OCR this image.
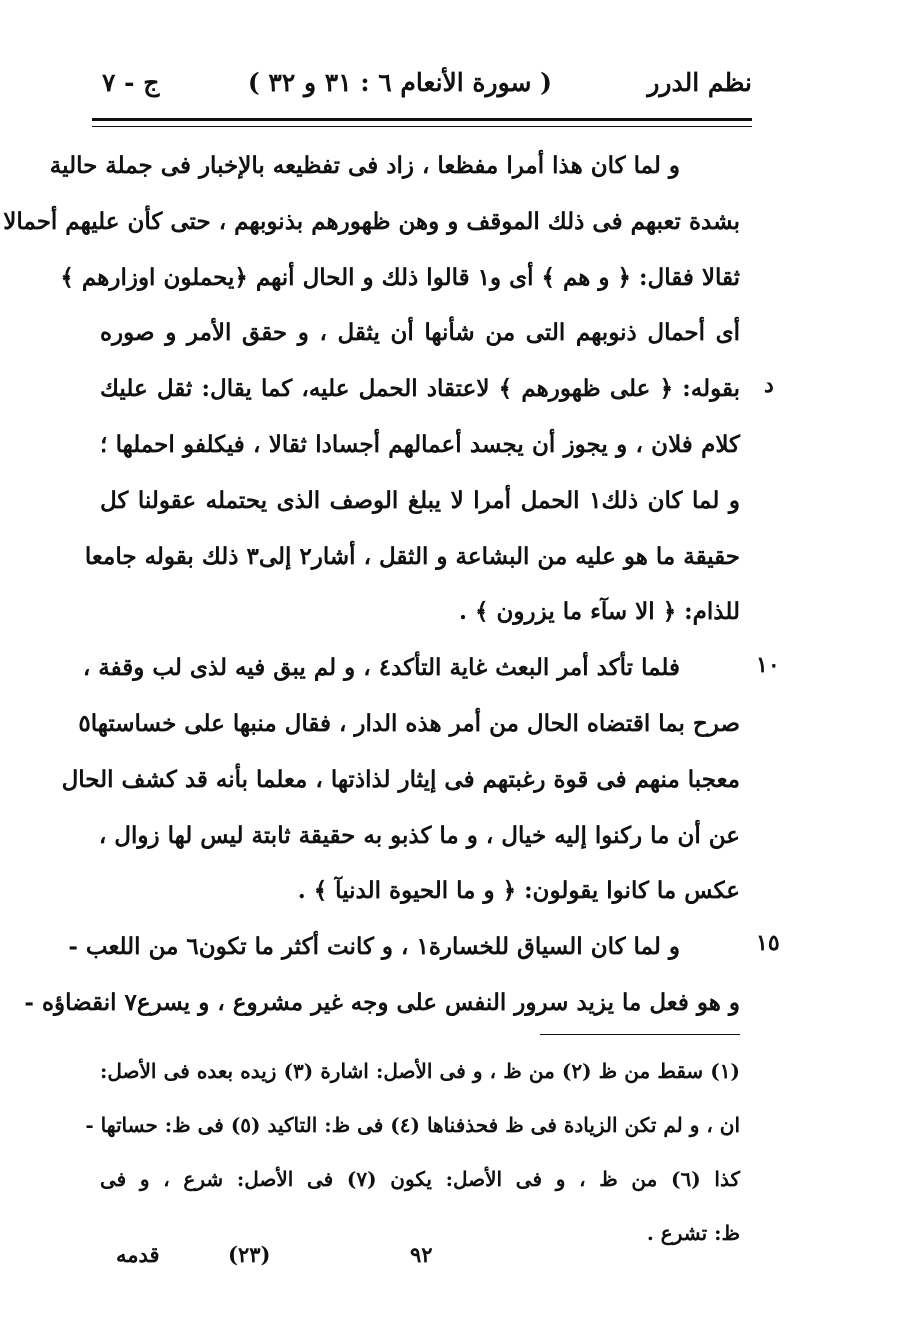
نظم الدرر
( سورة الأنعام ٦ : ٣١ و ٣٢ )
ج - ٧
و لما كان هذا أمرا مفظعا ، زاد فى تفظيعه بالإخبار فى جملة حالية
بشدة تعبهم فى ذلك الموقف و وهن ظهورهم بذنوبهم ، حتى كأن عليهم أحمالا
ثقالا فقال: ﴿ و هم ﴾ أى و١ قالوا ذلك و الحال أنهم ﴿يحملون اوزارهم ﴾
أى أحمال ذنوبهم التى من شأنها أن يثقل ، و حقق الأمر و صوره
بقوله: ﴿ على ظهورهم ﴾ لاعتقاد الحمل عليه، كما يقال: ثقل عليك
كلام فلان ، و يجوز أن يجسد أعمالهم أجسادا ثقالا ، فيكلفو احملها ؛
و لما كان ذلك١ الحمل أمرا لا يبلغ الوصف الذى يحتمله عقولنا كل
حقيقة ما هو عليه من البشاعة و الثقل ، أشار٢ إلى٣ ذلك بقوله جامعا
للذام: ﴿ الا سآء ما يزرون ﴾ .
فلما تأكد أمر البعث غاية التأكد٤ ، و لم يبق فيه لذى لب وقفة ،
صرح بما اقتضاه الحال من أمر هذه الدار ، فقال منبها على خساستها٥
معجبا منهم فى قوة رغبتهم فى إيثار لذاذتها ، معلما بأنه قد كشف الحال
عن أن ما ركنوا إليه خيال ، و ما كذبو به حقيقة ثابتة ليس لها زوال ،
عكس ما كانوا يقولون: ﴿ و ما الحيوة الدنيآ ﴾ .
و لما كان السياق للخسارة١ ، و كانت أكثر ما تكون٦ من اللعب -
و هو فعل ما يزيد سرور النفس على وجه غير مشروع ، و يسرع٧ انقضاؤه -
د
١٠
١٥
(١) سقط من ظ (٢) من ظ ، و فى الأصل: اشارة (٣) زيده بعده فى الأصل:
ان ، و لم تكن الزيادة فى ظ فحذفناها (٤) فى ظ: التاكيد (٥) فى ظ: حساتها -
كذا (٦) من ظ ، و فى الأصل: يكون (٧) فى الأصل: شرع ، و فى
ظ: تشرع .
قدمه	(٢٣)	٩٢
